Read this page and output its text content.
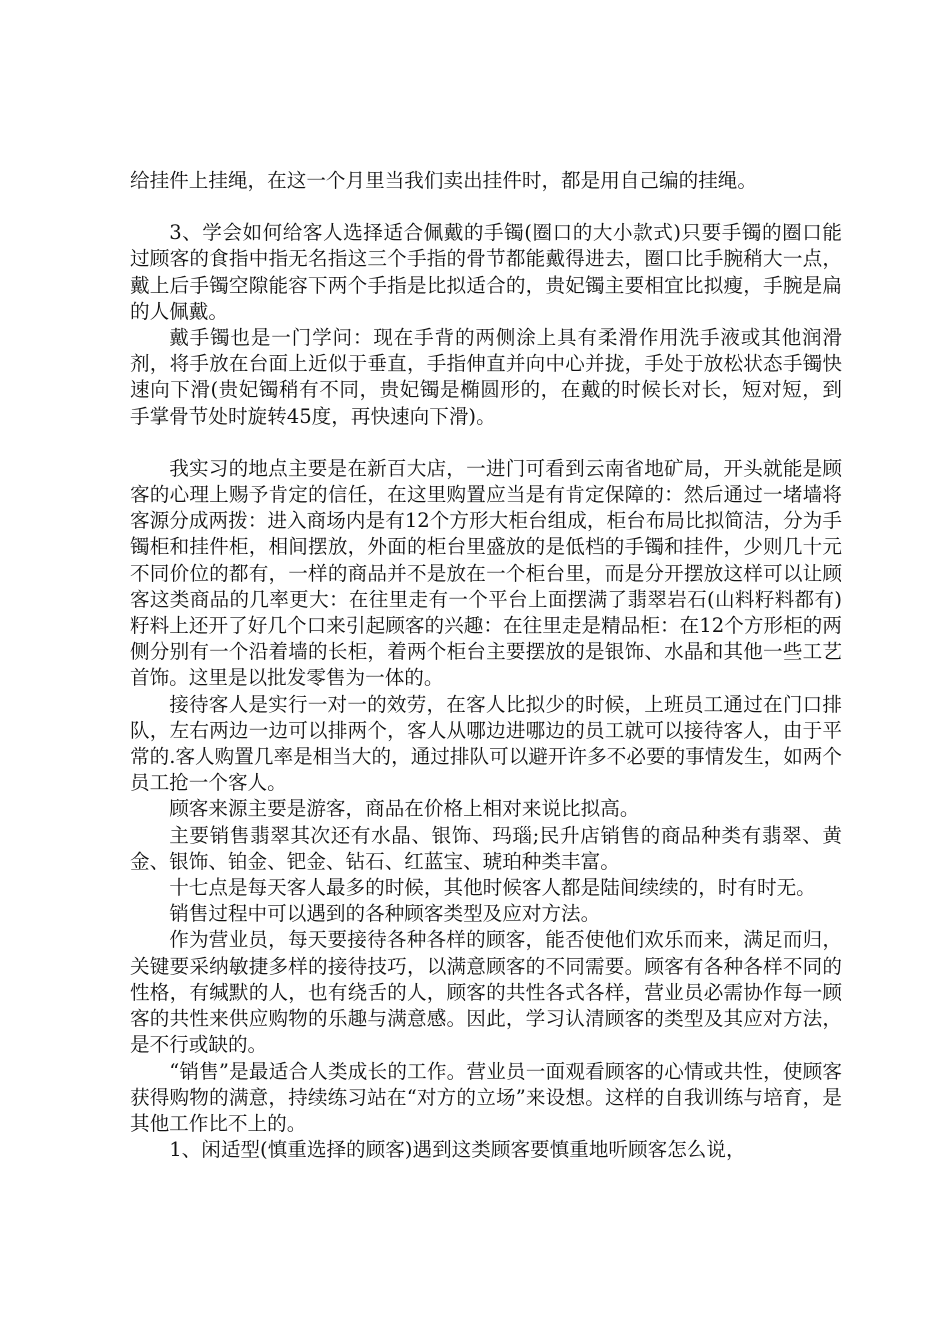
给挂件上挂绳，在这一个月里当我们卖出挂件时，都是用自己编的挂绳。

3、学会如何给客人选择适合佩戴的手镯(圈口的大小款式)只要手镯的圈口能过顾客的食指中指无名指这三个手指的骨节都能戴得进去，圈口比手腕稍大一点，戴上后手镯空隙能容下两个手指是比拟适合的，贵妃镯主要相宜比拟瘦，手腕是扁的人佩戴。

戴手镯也是一门学问：现在手背的两侧涂上具有柔滑作用洗手液或其他润滑剂，将手放在台面上近似于垂直，手指伸直并向中心并拢，手处于放松状态手镯快速向下滑(贵妃镯稍有不同，贵妃镯是椭圆形的，在戴的时候长对长，短对短，到手掌骨节处时旋转45度，再快速向下滑)。

我实习的地点主要是在新百大店，一进门可看到云南省地矿局，开头就能是顾客的心理上赐予肯定的信任，在这里购置应当是有肯定保障的：然后通过一堵墙将客源分成两拨：进入商场内是有12个方形大柜台组成，柜台布局比拟简洁，分为手镯柜和挂件柜，相间摆放，外面的柜台里盛放的是低档的手镯和挂件，少则几十元不同价位的都有，一样的商品并不是放在一个柜台里，而是分开摆放这样可以让顾客这类商品的几率更大：在往里走有一个平台上面摆满了翡翠岩石(山料籽料都有)籽料上还开了好几个口来引起顾客的兴趣：在往里走是精品柜：在12个方形柜的两侧分别有一个沿着墙的长柜，着两个柜台主要摆放的是银饰、水晶和其他一些工艺首饰。这里是以批发零售为一体的。

接待客人是实行一对一的效劳，在客人比拟少的时候，上班员工通过在门口排队，左右两边一边可以排两个，客人从哪边进哪边的员工就可以接待客人，由于平常的.客人购置几率是相当大的，通过排队可以避开许多不必要的事情发生，如两个员工抢一个客人。

顾客来源主要是游客，商品在价格上相对来说比拟高。

主要销售翡翠其次还有水晶、银饰、玛瑙;民升店销售的商品种类有翡翠、黄金、银饰、铂金、钯金、钻石、红蓝宝、琥珀种类丰富。

十七点是每天客人最多的时候，其他时候客人都是陆间续续的，时有时无。

销售过程中可以遇到的各种顾客类型及应对方法。

作为营业员，每天要接待各种各样的顾客，能否使他们欢乐而来，满足而归，关键要采纳敏捷多样的接待技巧，以满意顾客的不同需要。顾客有各种各样不同的性格，有缄默的人，也有绕舌的人，顾客的共性各式各样，营业员必需协作每一顾客的共性来供应购物的乐趣与满意感。因此，学习认清顾客的类型及其应对方法，是不行或缺的。

“销售”是最适合人类成长的工作。营业员一面观看顾客的心情或共性，使顾客获得购物的满意，持续练习站在“对方的立场”来设想。这样的自我训练与培育，是其他工作比不上的。

1、闲适型(慎重选择的顾客)遇到这类顾客要慎重地听顾客怎么说，
